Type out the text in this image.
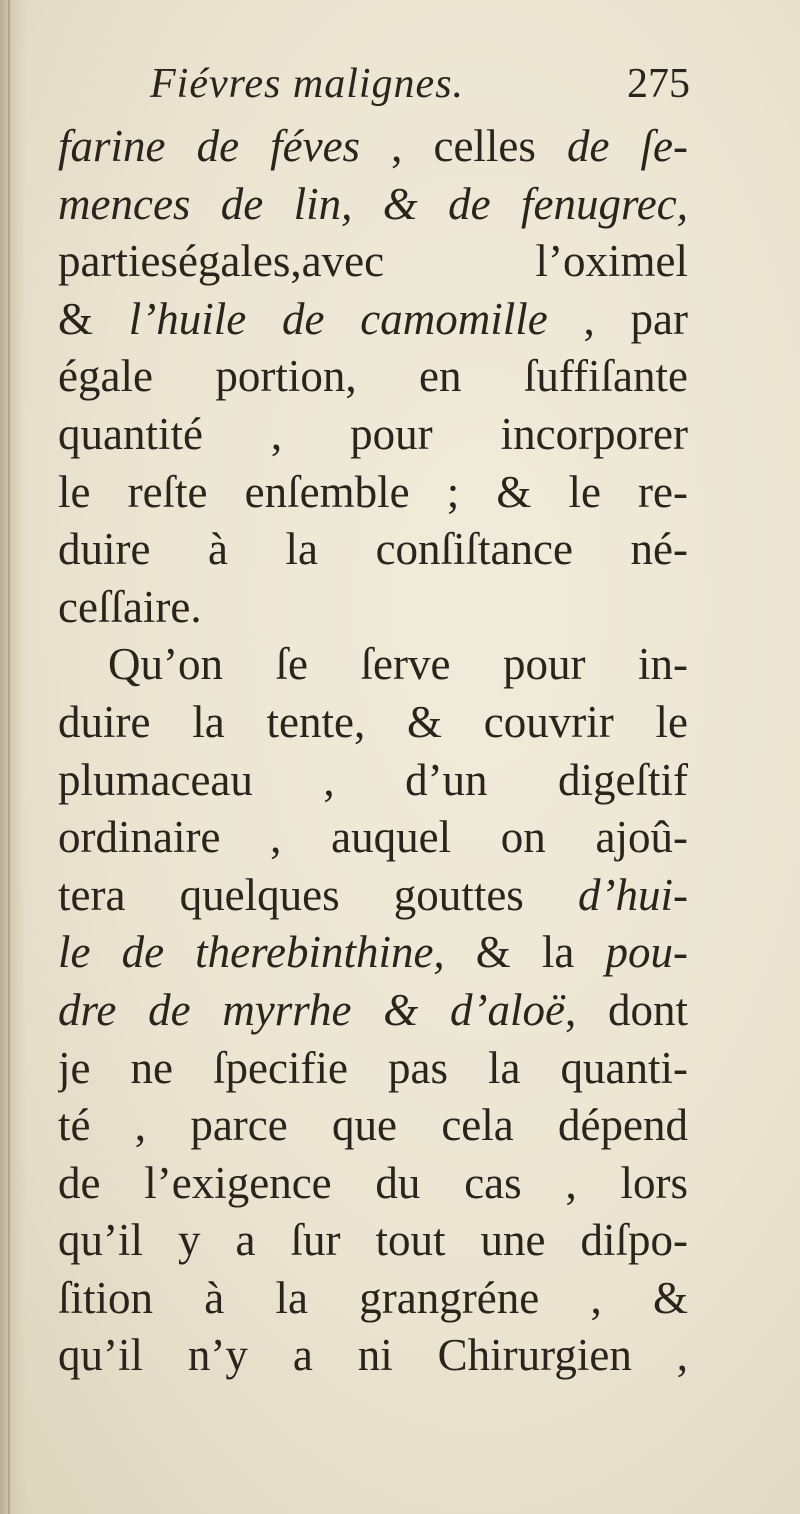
Fiévres malignes.	275
farine de féves , celles de ſe-
mences de lin, & de fenugrec,
partieségales,avec l’oximel
& l’huile de camomille , par
égale portion, en ſuffiſante
quantité , pour incorporer
le reſte enſemble ; & le re-
duire à la conſiſtance né-
ceſſaire.
Qu’on ſe ſerve pour in-
duire la tente, & couvrir le
plumaceau , d’un digeſtif
ordinaire , auquel on ajoû-
tera quelques gouttes d’hui-
le de therebinthine, & la pou-
dre de myrrhe & d’aloë, dont
je ne ſpecifie pas la quanti-
té , parce que cela dépend
de l’exigence du cas , lors
qu’il y a ſur tout une diſpo-
ſition à la grangréne , &
qu’il n’y a ni Chirurgien ,
